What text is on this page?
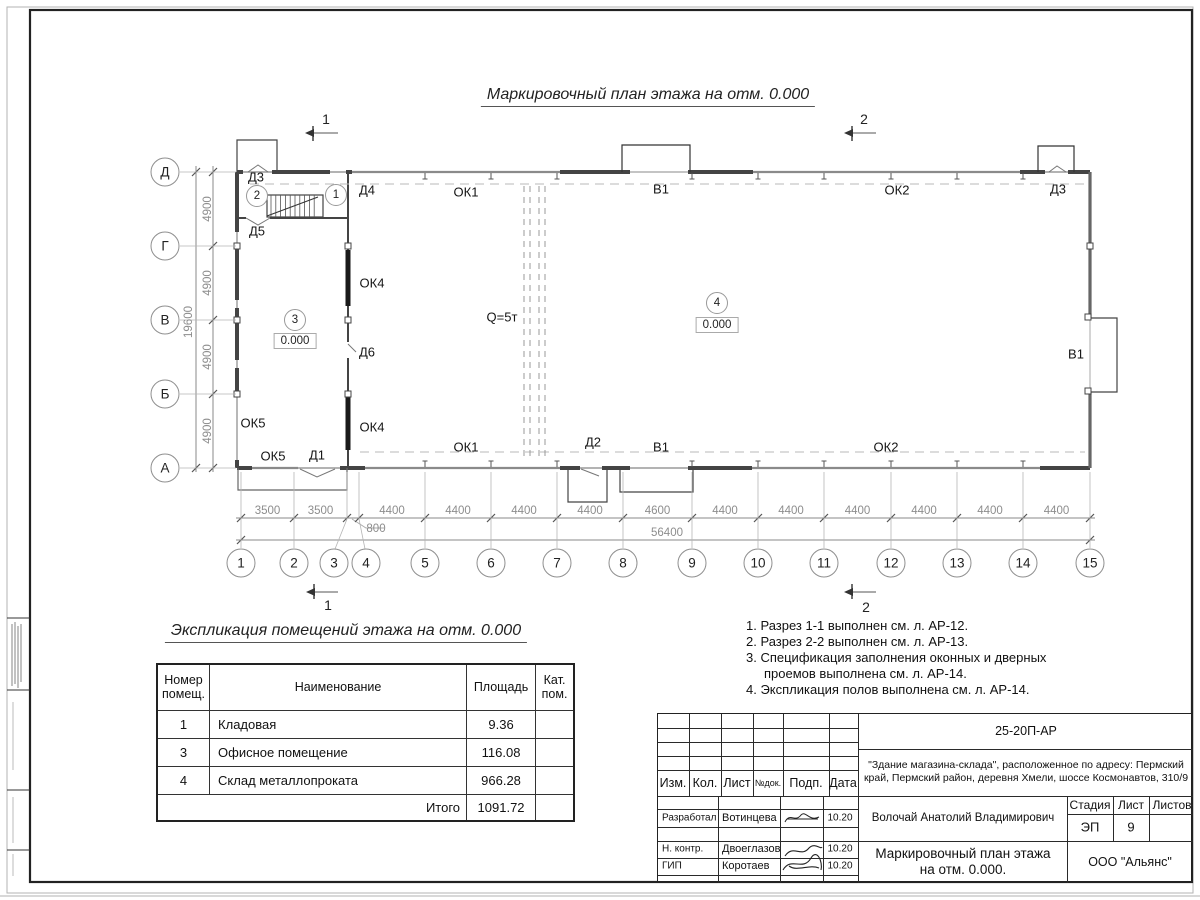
Маркировочный план этажа на отм. 0.000
Экспликация помещений этажа на отм. 0.000
1	2	3	4	5	6	7	8	9	10	11	12	13	14	15
Д
Г
В
Б
А
3500 3500
800
4400	4400	4400	4400	4600	4400	4400	4400	4400	4400	4400
56400
4900
4900
4900
4900
19600
Д3
Д4	ОК1	В1	ОК2	Д3
Д5
ОК4
Д6	В1
ОК5	ОК4
ОК5 Д1
ОК1	Д2	В1	ОК2
Q=5т
2	1
3
0.000
4
0.000
1	2
1	2
Номер помещ.	Наименование	Площадь	Кат. пом.
1	Кладовая	9.36	
3	Офисное помещение	116.08	
4	Склад металлопроката	966.28	
Итого		1091.72	
1. Разрез 1-1 выполнен см. л. АР-12.
2. Разрез 2-2 выполнен см. л. АР-13.
3. Спецификация заполнения оконных и дверных проемов выполнена см. л. АР-14.
4. Экспликация полов выполнена см. л. АР-14.
Изм. Кол. Лист №док. Подп. Дата
Разработал Вотинцева	10.20
Н. контр. Двоеглазов	10.20
ГИП	Коротаев	10.20
25-20П-АР
"Здание магазина-склада", расположенное по адресу: Пермский край, Пермский район, деревня Хмели, шоссе Космонавтов, 310/9
Волочай Анатолий Владимирович
Маркировочный план этажа на отм. 0.000.
Стадия Лист Листов
ЭП 9
ООО "Альянс"
